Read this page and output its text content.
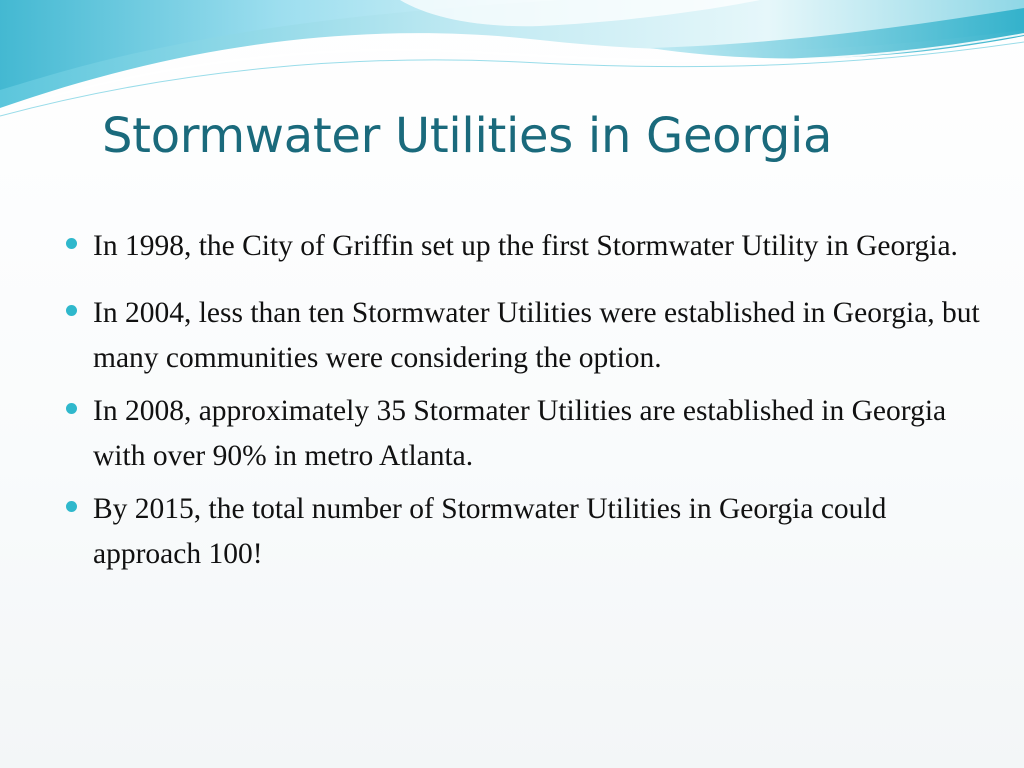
Stormwater Utilities in Georgia
In 1998, the City of Griffin set up the first Stormwater Utility in Georgia.
In 2004, less than ten Stormwater Utilities were established in Georgia, but many communities were considering the option.
In 2008, approximately 35 Stormater Utilities are established in Georgia with over 90% in metro Atlanta.
By 2015, the total number of Stormwater Utilities in Georgia could approach 100!
